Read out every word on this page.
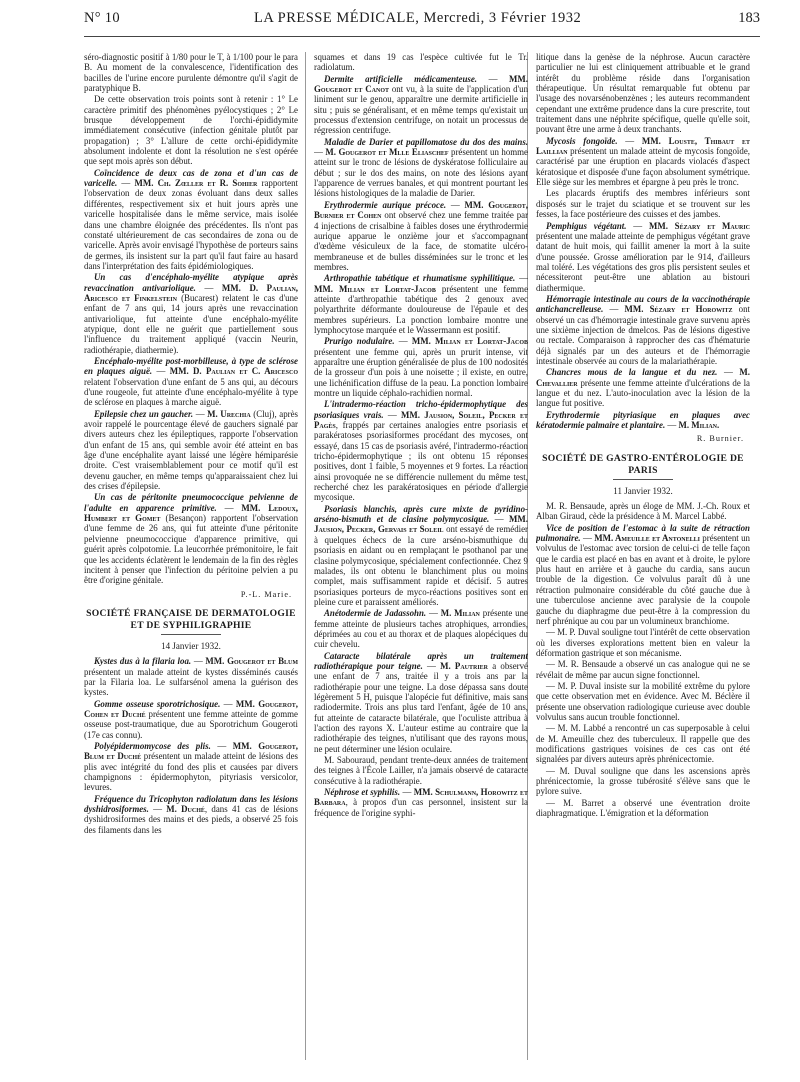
N° 10	LA PRESSE MÉDICALE, Mercredi, 3 Février 1932	183

séro-diagnostic positif à 1/80 pour le T, à 1/100 pour le para B. Au moment de la convalescence, l'identification des bacilles de l'urine encore purulente démontre qu'il s'agit de paratyphique B.

De cette observation trois points sont à retenir : 1° Le caractère primitif des phénomènes pyélocystiques ; 2° Le brusque développement de l'orchi-épididymite immédiatement consécutive (infection génitale plutôt par propagation) ; 3° L'allure de cette orchi-épididymite absolument indolente et dont la résolution ne s'est opérée que sept mois après son début.

Coïncidence de deux cas de zona et d'un cas de varicelle. — MM. Ch. Zœller et R. Sohier rapportent l'observation de deux zonas évoluant dans deux salles différentes, respectivement six et huit jours après une varicelle hospitalisée dans le même service, mais isolée dans une chambre éloignée des précédentes. Ils n'ont pas constaté ultérieurement de cas secondaires de zona ou de varicelle. Après avoir envisagé l'hypothèse de porteurs sains de germes, ils insistent sur la part qu'il faut faire au hasard dans l'interprétation des faits épidémiologiques.

Un cas d'encéphalo-myélite atypique après revaccination antivariolique. — MM. D. Paulian, Aricesco et Finkelstein (Bucarest) relatent le cas d'une enfant de 7 ans qui, 14 jours après une revaccination antivariolique, fut atteinte d'une encéphalo-myélite atypique, dont elle ne guérit que partiellement sous l'influence du traitement appliqué (vaccin Neurin, radiothérapie, diathermie).

Encéphalo-myélite post-morbilleuse, à type de sclérose en plaques aiguë. — MM. D. Paulian et C. Aricesco relatent l'observation d'une enfant de 5 ans qui, au décours d'une rougeole, fut atteinte d'une encéphalo-myélite à type de sclérose en plaques à marche aiguë.

Epilepsie chez un gaucher. — M. Urechia (Cluj), après avoir rappelé le pourcentage élevé de gauchers signalé par divers auteurs chez les épileptiques, rapporte l'observation d'un enfant de 15 ans, qui semble avoir été atteint en bas âge d'une encéphalite ayant laissé une légère hémiparésie droite. C'est vraisemblablement pour ce motif qu'il est devenu gaucher, en même temps qu'apparaissaient chez lui des crises d'épilepsie.

Un cas de péritonite pneumococcique pelvienne de l'adulte en apparence primitive. — MM. Ledoux, Humbert et Gomet (Besançon) rapportent l'observation d'une femme de 26 ans, qui fut atteinte d'une péritonite pelvienne pneumococcique d'apparence primitive, qui guérit après colpotomie. La leucorrhée prémonitoire, le fait que les accidents éclatèrent le lendemain de la fin des règles incitent à penser que l'infection du péritoine pelvien a pu être d'origine génitale.

P.-L. Marie.

SOCIÉTÉ FRANÇAISE DE DERMATOLOGIE ET DE SYPHILIGRAPHIE
14 Janvier 1932.

Kystes dus à la filaria loa. — MM. Gougerot et Blum présentent un malade atteint de kystes disséminés causés par la Filaria loa. Le sulfarsénol amena la guérison des kystes.

Gomme osseuse sporotrichosique. — MM. Gougerot, Cohen et Duché présentent une femme atteinte de gomme osseuse post-traumatique, due au Sporotrichum Gougeroti (17e cas connu).

Polyépidermomycose des plis. — MM. Gougerot, Blum et Duché présentent un malade atteint de lésions des plis avec intégrité du fond des plis et causées par divers champignons : épidermophyton, pityriasis versicolor, levures.

Fréquence du Tricophyton radiolatum dans les lésions dyshidrosiformes. — M. Duché, dans 41 cas de lésions dyshidrosiformes des mains et des pieds, a observé 25 fois des filaments dans les

squames et dans 19 cas l'espèce cultivée fut le Tr. radiolatum.

Dermite artificielle médicamenteuse. — MM. Gougerot et Canot ont vu, à la suite de l'application d'un liniment sur le genou, apparaître une dermite artificielle in situ ; puis se généralisant, et en même temps qu'existait un processus d'extension centrifuge, on notait un processus de régression centrifuge.

Maladie de Darier et papillomatose du dos des mains. — M. Gougerot et Mlle Eliaschef présentent un homme atteint sur le tronc de lésions de dyskératose folliculaire au début ; sur le dos des mains, on note des lésions ayant l'apparence de verrues banales, et qui montrent pourtant les lésions histologiques de la maladie de Darier.

Erythrodermie aurique précoce. — MM. Gougerot, Burnier et Cohen ont observé chez une femme traitée par 4 injections de crisalbine à faibles doses une érythrodermie aurique apparue le onzième jour et s'accompagnant d'œdème vésiculeux de la face, de stomatite ulcéro-membraneuse et de bulles disséminées sur le tronc et les membres.

Arthropathie tabétique et rhumatisme syphilitique. — MM. Milian et Lortat-Jacob présentent une femme atteinte d'arthropathie tabétique des 2 genoux avec polyarthrite déformante douloureuse de l'épaule et des membres supérieurs. La ponction lombaire montre une lymphocytose marquée et le Wassermann est positif.

Prurigo nodulaire. — MM. Milian et Lortat-Jacob présentent une femme qui, après un prurit intense, vit apparaître une éruption généralisée de plus de 100 nodosités de la grosseur d'un pois à une noisette ; il existe, en outre, une lichénification diffuse de la peau. La ponction lombaire montre un liquide céphalo-rachidien normal.

L'intradermo-réaction tricho-épidermophytique des psoriasiques vrais. — MM. Jausion, Soleil, Pecker et Pagès, frappés par certaines analogies entre psoriasis et parakératoses psoriasiformes procédant des mycoses, ont essayé, dans 15 cas de psoriasis avéré, l'intradermo-réaction tricho-épidermophytique ; ils ont obtenu 15 réponses positives, dont 1 faible, 5 moyennes et 9 fortes. La réaction ainsi provoquée ne se différencie nullement du même test, recherché chez les parakératosiques en période d'allergie mycosique.

Psoriasis blanchis, après cure mixte de pyridino-arséno-bismuth et de clasine polymycosique. — MM. Jausion, Pecker, Gervais et Soleil ont essayé de remédier à quelques échecs de la cure arséno-bismuthique du psoriasis en aidant ou en remplaçant le psothanol par une clasine polymycosique, spécialement confectionnée. Chez 9 malades, ils ont obtenu le blanchiment plus ou moins complet, mais suffisamment rapide et décisif. 5 autres psoriasiques porteurs de myco-réactions positives sont en pleine cure et paraissent améliorés.

Anétodermie de Jadassohn. — M. Milian présente une femme atteinte de plusieurs taches atrophiques, arrondies, déprimées au cou et au thorax et de plaques alopéciques du cuir chevelu.

Cataracte bilatérale après un traitement radiothérapique pour teigne. — M. Pautrier a observé une enfant de 7 ans, traitée il y a trois ans par la radiothérapie pour une teigne. La dose dépassa sans doute légèrement 5 H, puisque l'alopécie fut définitive, mais sans radiodermite. Trois ans plus tard l'enfant, âgée de 10 ans, fut atteinte de cataracte bilatérale, que l'oculiste attribua à l'action des rayons X. L'auteur estime au contraire que la radiothérapie des teignes, n'utilisant que des rayons mous, ne peut déterminer une lésion oculaire.

M. Sabouraud, pendant trente-deux années de traitement des teignes à l'École Lailler, n'a jamais observé de cataracte consécutive à la radiothérapie.

Néphrose et syphilis. — MM. Schulmann, Horowitz et Barbara, à propos d'un cas personnel, insistent sur la fréquence de l'origine syphi-

litique dans la genèse de la néphrose. Aucun caractère particulier ne lui est cliniquement attribuable et le grand intérêt du problème réside dans l'organisation thérapeutique. Un résultat remarquable fut obtenu par l'usage des novarsénobenzènes ; les auteurs recommandent cependant une extrême prudence dans la cure prescrite, tout traitement dans une néphrite spécifique, quelle qu'elle soit, pouvant être une arme à deux tranchants.

Mycosis fongoïde. — MM. Louste, Thibaut et Laillian présentent un malade atteint de mycosis fongoïde, caractérisé par une éruption en placards violacés d'aspect kératosique et disposée d'une façon absolument symétrique. Elle siège sur les membres et épargne à peu près le tronc.

Les placards éruptifs des membres inférieurs sont disposés sur le trajet du sciatique et se trouvent sur les fesses, la face postérieure des cuisses et des jambes.

Pemphigus végétant. — MM. Sézary et Mauric présentent une malade atteinte de pemphigus végétant grave datant de huit mois, qui faillit amener la mort à la suite d'une poussée. Grosse amélioration par le 914, d'ailleurs mal toléré. Les végétations des gros plis persistent seules et nécessiteront peut-être une ablation au bistouri diathermique.

Hémorragie intestinale au cours de la vaccinothérapie antichancrelleuse. — MM. Sézary et Horowitz ont observé un cas d'hémorragie intestinale grave survenu après une sixième injection de dmelcos. Pas de lésions digestive ou rectale. Comparaison à rapprocher des cas d'hématurie déjà signalés par un des auteurs et de l'hémorragie intestinale observée au cours de la malariathérapie.

Chancres mous de la langue et du nez. — M. Chevallier présente une femme atteinte d'ulcérations de la langue et du nez. L'auto-inoculation avec la lésion de la langue fut positive.

Erythrodermie pityriasique en plaques avec kératodermie palmaire et plantaire. — M. Milian.

R. Burnier.

SOCIÉTÉ DE GASTRO-ENTÉROLOGIE DE PARIS
11 Janvier 1932.

M. R. Bensaude, après un éloge de MM. J.-Ch. Roux et Alban Giraud, cède la présidence à M. Marcel Labbé.

Vice de position de l'estomac à la suite de rétraction pulmonaire. — MM. Ameuille et Antonelli présentent un volvulus de l'estomac avec torsion de celui-ci de telle façon que le cardia est placé en bas en avant et à droite, le pylore plus haut en arrière et à gauche du cardia, sans aucun trouble de la digestion. Ce volvulus paraît dû à une rétraction pulmonaire considérable du côté gauche due à une tuberculose ancienne avec paralysie de la coupole gauche du diaphragme due peut-être à la compression du nerf phrénique au cou par un volumineux branchiome.

— M. P. Duval souligne tout l'intérêt de cette observation où les diverses explorations mettent bien en valeur la déformation gastrique et son mécanisme.

— M. R. Bensaude a observé un cas analogue qui ne se révélait de même par aucun signe fonctionnel.

— M. P. Duval insiste sur la mobilité extrême du pylore que cette observation met en évidence. Avec M. Béclère il présente une observation radiologique curieuse avec double volvulus sans aucun trouble fonctionnel.

— M. M. Labbé a rencontré un cas superposable à celui de M. Ameuille chez des tuberculeux. Il rappelle que des modifications gastriques voisines de ces cas ont été signalées par divers auteurs après phrénicectomie.

— M. Duval souligne que dans les ascensions après phrénicectomie, la grosse tubérosité s'élève sans que le pylore suive.

— M. Barret a observé une éventration droite diaphragmatique. L'émigration et la déformation
